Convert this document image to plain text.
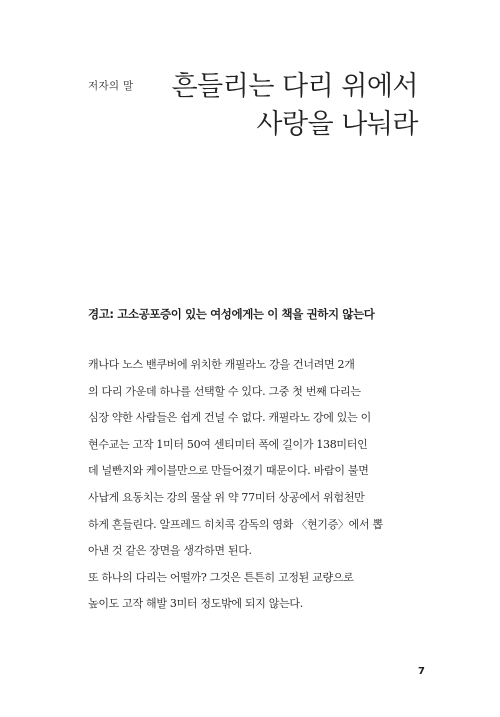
저자의 말 흔들리는 다리 위에서
사랑을 나눠라
경고: 고소공포증이 있는 여성에게는 이 책을 권하지 않는다
캐나다 노스 밴쿠버에 위치한 캐필라노 강을 건너려면 2개
의 다리 가운데 하나를 선택할 수 있다. 그중 첫 번째 다리는
심장 약한 사람들은 쉽게 건널 수 없다. 캐필라노 강에 있는 이
현수교는 고작 1미터 50여 센티미터 폭에 길이가 138미터인
데 널빤지와 케이블만으로 만들어졌기 때문이다. 바람이 불면
사납게 요동치는 강의 물살 위 약 77미터 상공에서 위험천만
하게 흔들린다. 알프레드 히치콕 감독의 영화 〈현기증〉에서 뽑
아낸 것 같은 장면을 생각하면 된다.
또 하나의 다리는 어떨까? 그것은 튼튼히 고정된 교량으로
높이도 고작 해발 3미터 정도밖에 되지 않는다.
7
